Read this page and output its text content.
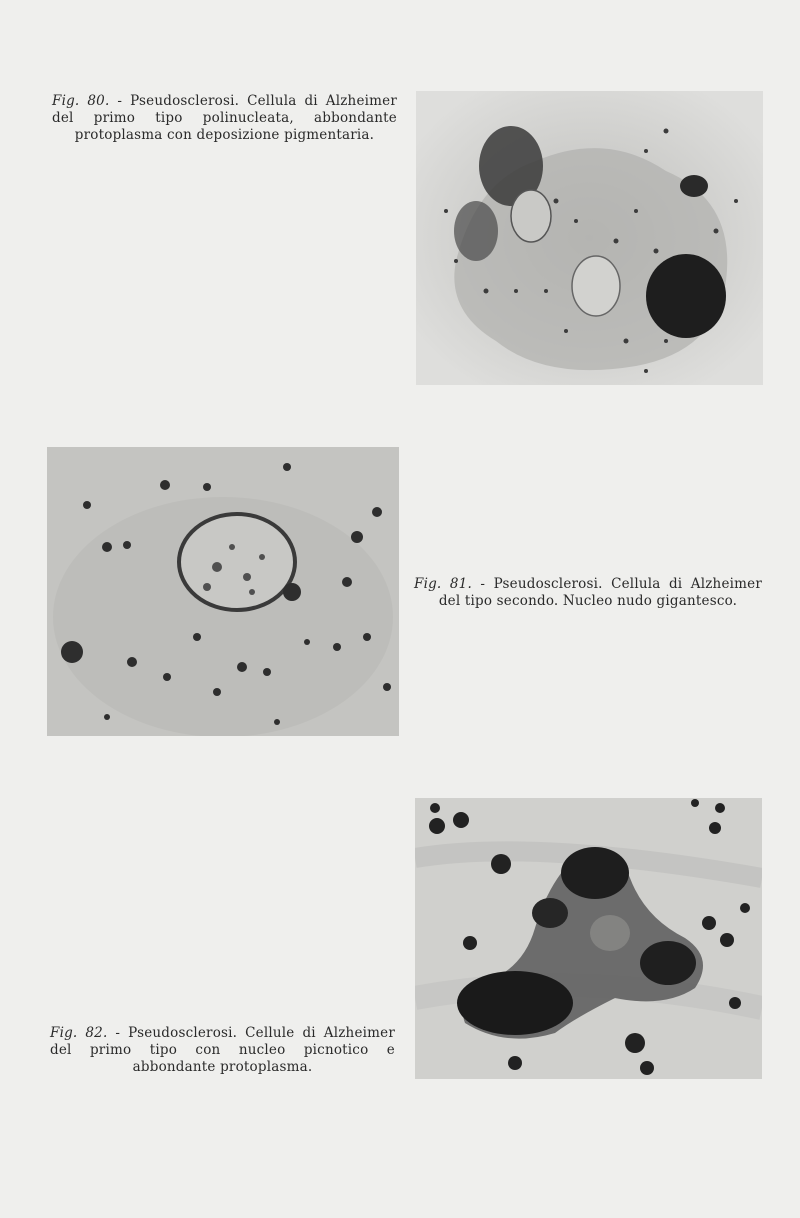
Fig. 80. - Pseudosclerosi. Cellula di Alzheimer del primo tipo polinucleata, abbondante protoplasma con deposizione pigmentaria.
Fig. 81. - Pseudosclerosi. Cellula di Alzheimer del tipo secondo. Nucleo nudo gigantesco.
Fig. 82. - Pseudosclerosi. Cellule di Alzheimer del primo tipo con nucleo picnotico e abbondante protoplasma.
